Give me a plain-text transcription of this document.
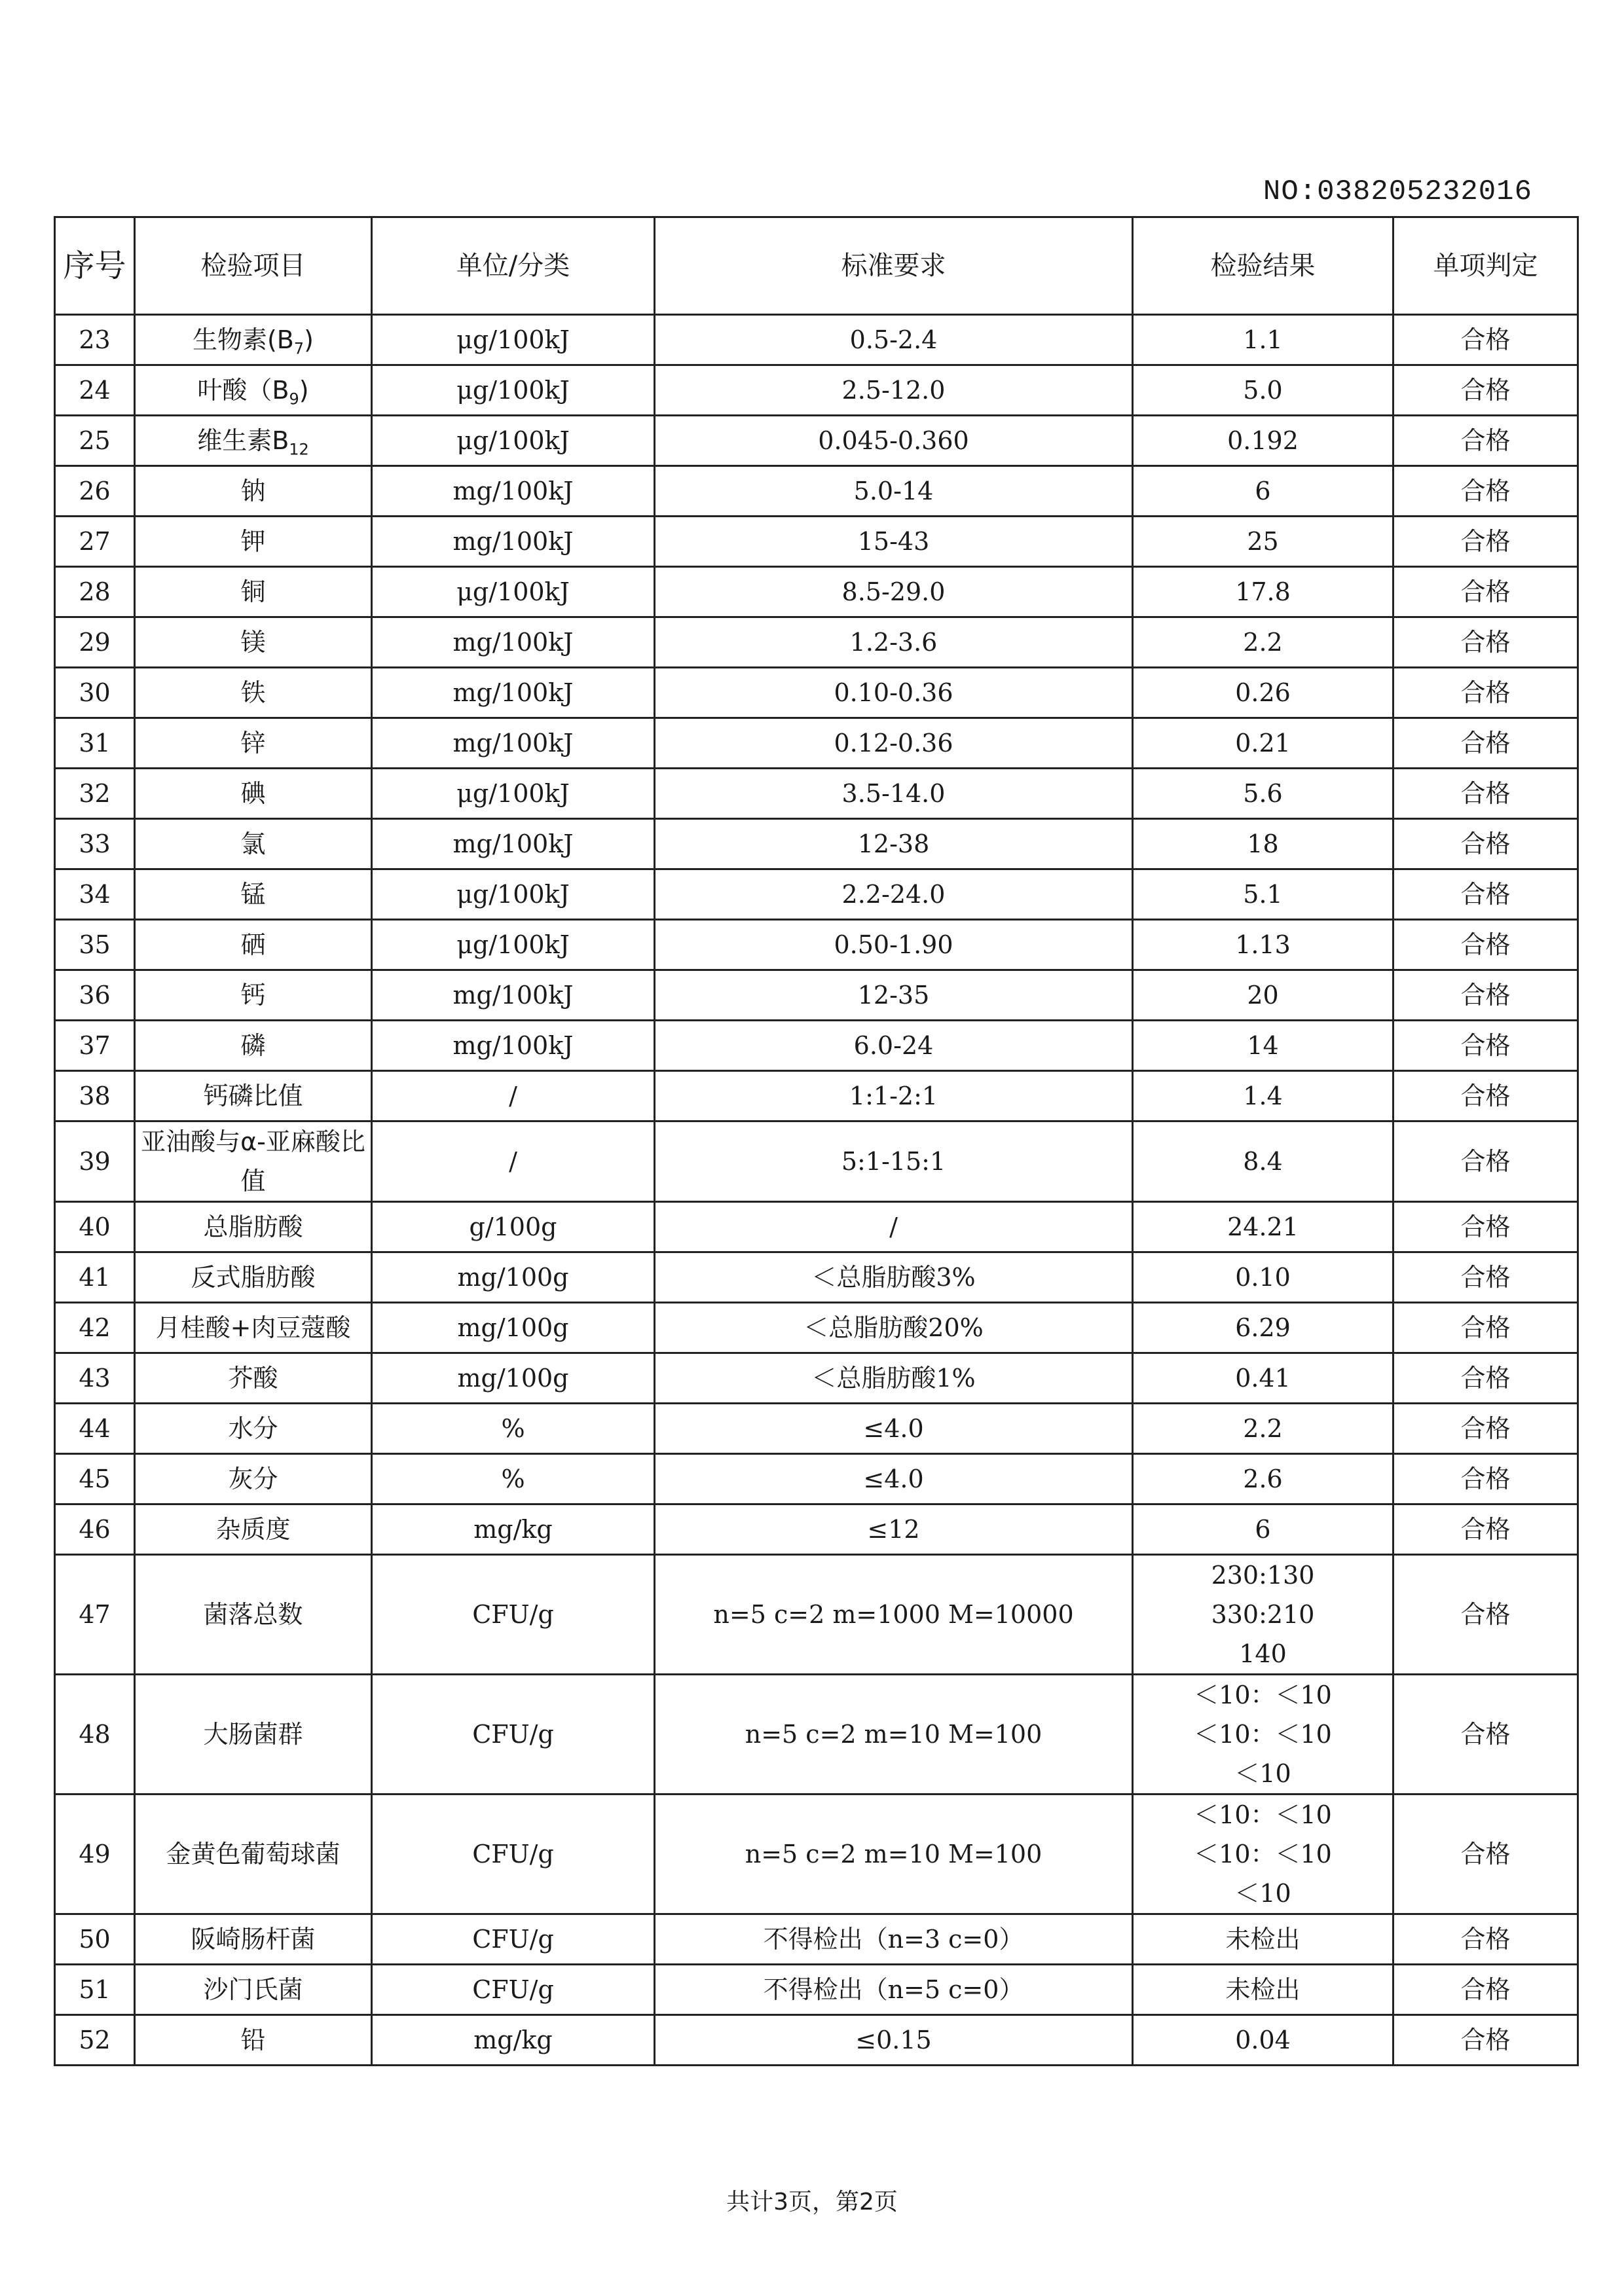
NO:038205232016
序号	检验项目	单位/分类	标准要求	检验结果	单项判定
23	生物素$(B_7)$	μg/100kJ	0.5-2.4	1.1	合格
24	叶酸$(B_9)$	μg/100kJ	2.5-12.0	5.0	合格
25	维生素$B_{12}$	μg/100kJ	0.045-0.360	0.192	合格
26	钠	mg/100kJ	5.0-14	6	合格
27	钾	mg/100kJ	15-43	25	合格
28	铜	μg/100kJ	8.5-29.0	17.8	合格
29	镁	mg/100kJ	1.2-3.6	2.2	合格
30	铁	mg/100kJ	0.10-0.36	0.26	合格
31	锌	mg/100kJ	0.12-0.36	0.21	合格
32	碘	μg/100kJ	3.5-14.0	5.6	合格
33	氯	mg/100kJ	12-38	18	合格
34	锰	μg/100kJ	2.2-24.0	5.1	合格
35	硒	μg/100kJ	0.50-1.90	1.13	合格
36	钙	mg/100kJ	12-35	20	合格
37	磷	mg/100kJ	6.0-24	14	合格
38	钙磷比值	/	1:1-2:1	1.4	合格
39	亚油酸与α-亚麻酸比值	/	5:1-15:1	8.4	合格
40	总脂肪酸	g/100g	/	24.21	合格
41	反式脂肪酸	mg/100g	＜总脂肪酸3%	0.10	合格
42	月桂酸+肉豆蔻酸	mg/100g	＜总脂肪酸20%	6.29	合格
43	芥酸	mg/100g	＜总脂肪酸1%	0.41	合格
44	水分	%	≤4.0	2.2	合格
45	灰分	%	≤4.0	2.6	合格
46	杂质度	mg/kg	≤12	6	合格
47	菌落总数	CFU/g	n=5 c=2 m=1000 M=10000	230:130
330:210
140	合格
48	大肠菌群	CFU/g	n=5 c=2 m=10 M=100	＜10：＜10
＜10：＜10
＜10	合格
49	金黄色葡萄球菌	CFU/g	n=5 c=2 m=10 M=100	＜10：＜10
＜10：＜10
＜10	合格
50	阪崎肠杆菌	CFU/g	不得检出（n=3 c=0）	未检出	合格
51	沙门氏菌	CFU/g	不得检出（n=5 c=0）	未检出	合格
52	铅	mg/kg	≤0.15	0.04	合格
共计3页，第2页
